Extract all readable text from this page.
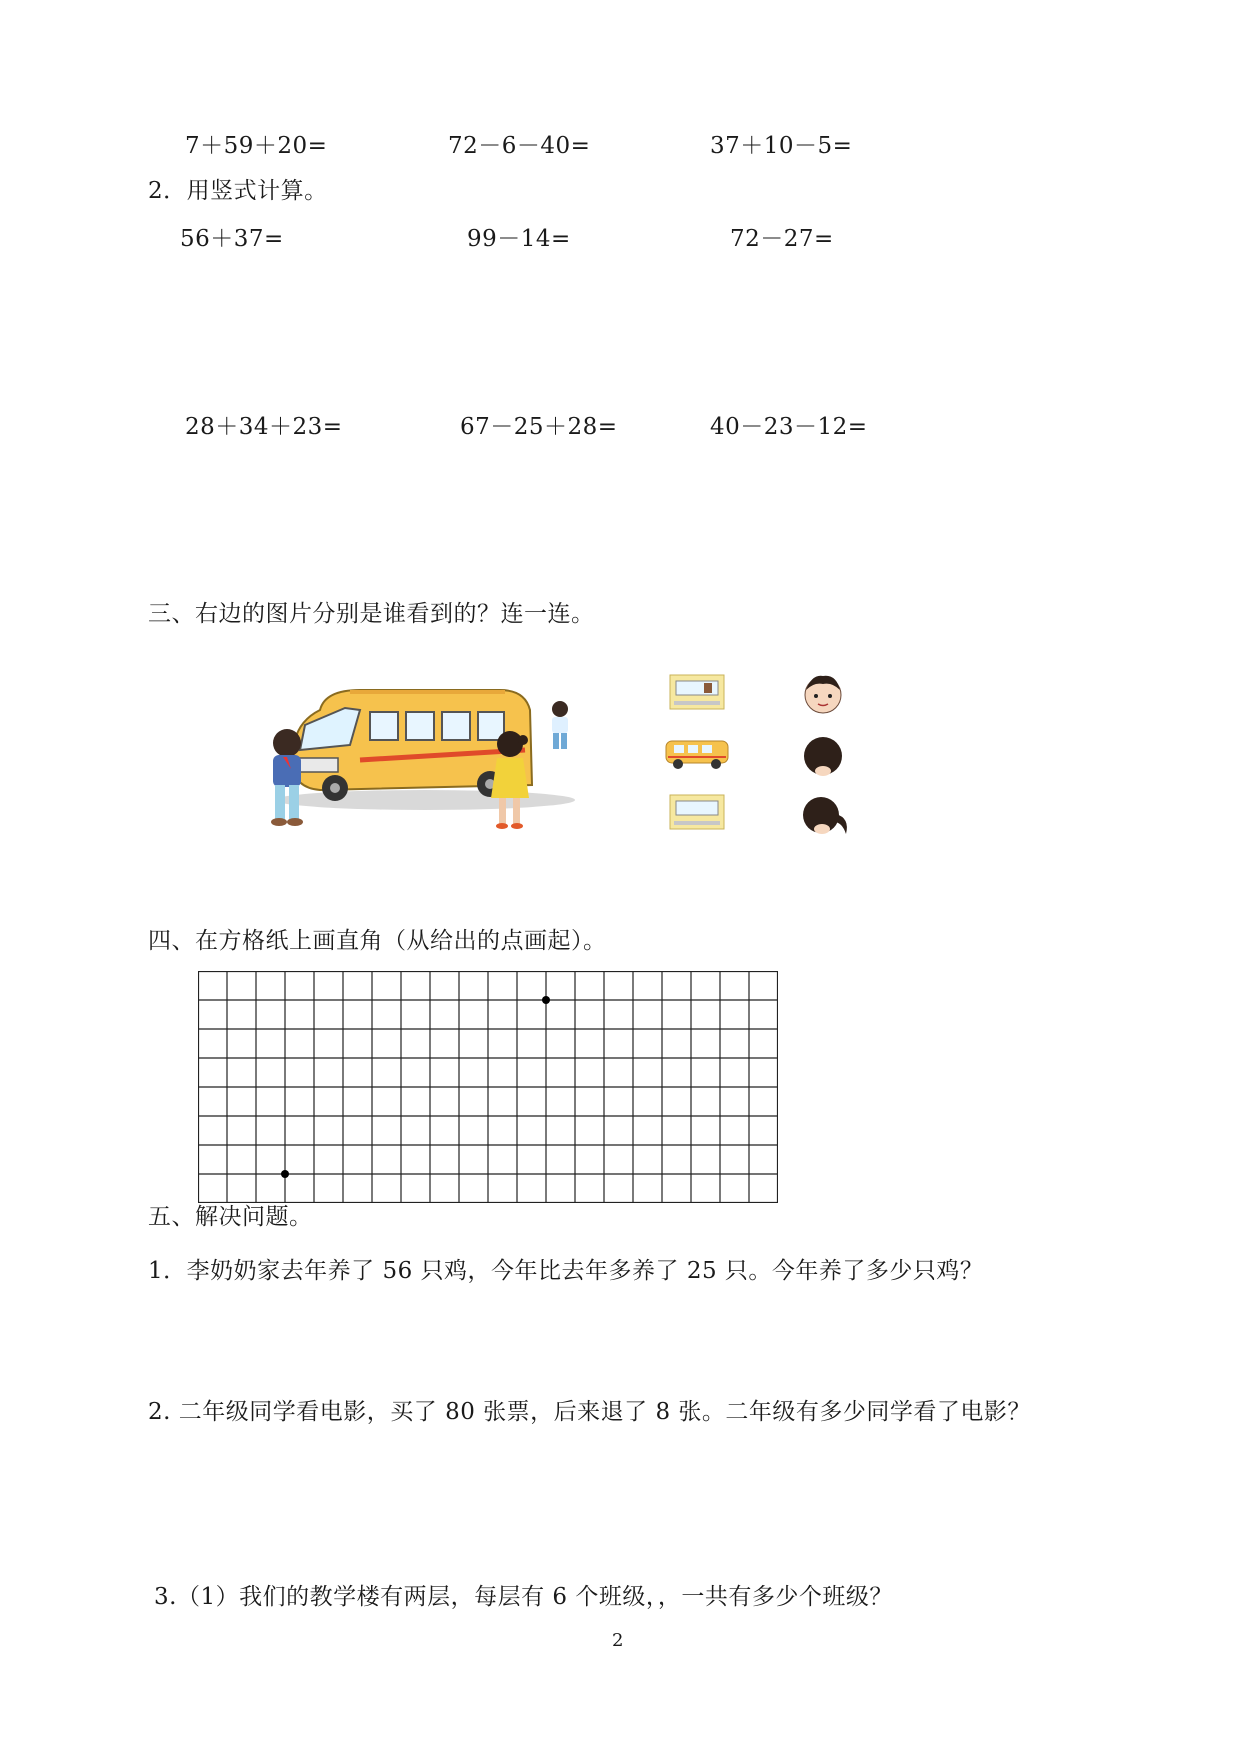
7＋59＋20=	72－6－40=	37＋10－5=
2．用竖式计算。
56＋37=	99－14=	72－27=
28＋34＋23=	67－25＋28=	40－23－12=
三、右边的图片分别是谁看到的？连一连。
四、在方格纸上画直角（从给出的点画起）。
五、解决问题。
1．李奶奶家去年养了 56 只鸡，今年比去年多养了 25 只。今年养了多少只鸡？
2. 二年级同学看电影，买了 80 张票，后来退了 8 张。二年级有多少同学看了电影？
3.（1）我们的教学楼有两层，每层有 6 个班级，，一共有多少个班级？
2
